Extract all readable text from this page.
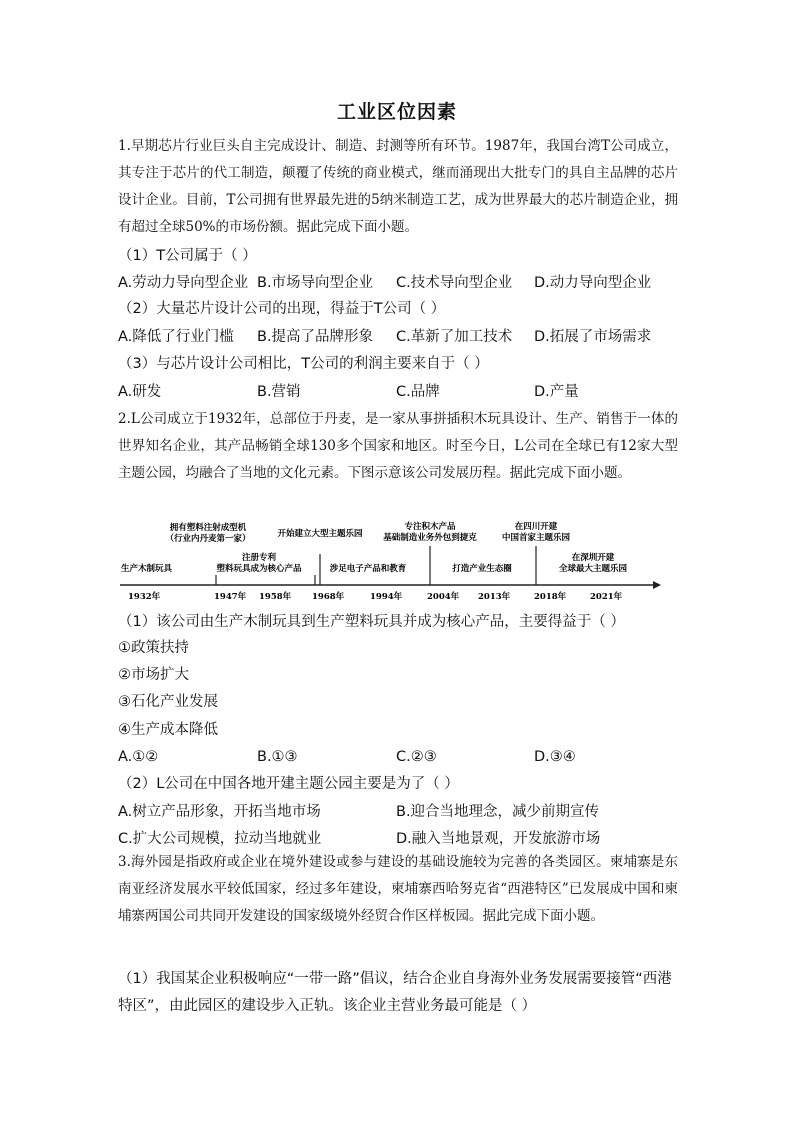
工业区位因素
1.早期芯片行业巨头自主完成设计、制造、封测等所有环节。1987年，我国台湾T公司成立，其专注于芯片的代工制造，颠覆了传统的商业模式，继而涌现出大批专门的具自主品牌的芯片设计企业。目前，T公司拥有世界最先进的5纳米制造工艺，成为世界最大的芯片制造企业，拥有超过全球50%的市场份额。据此完成下面小题。
（1）T公司属于（ ）
A.劳动力导向型企业 B.市场导向型企业 C.技术导向型企业 D.动力导向型企业
（2）大量芯片设计公司的出现，得益于T公司（ ）
A.降低了行业门槛 B.提高了品牌形象 C.革新了加工技术 D.拓展了市场需求
（3）与芯片设计公司相比，T公司的利润主要来自于（ ）
A.研发	B.营销	C.品牌	D.产量
2.L公司成立于1932年，总部位于丹麦，是一家从事拼插积木玩具设计、生产、销售于一体的世界知名企业，其产品畅销全球130多个国家和地区。时至今日，L公司在全球已有12家大型主题公园，均融合了当地的文化元素。下图示意该公司发展历程。据此完成下面小题。
拥有塑料注射成型机
（行业内丹麦第一家）	开始建立大型主题乐园
专注积木产品
基础制造业务外包到捷克
在四川开建
中国首家主题乐园
生产木制玩具
注册专利
塑料玩具成为核心产品	涉足电子产品和教育	打造产业生态圈
在深圳开建
全球最大主题乐园
1932年	1947年 1958年 1968年	1994年	2004年 2013年	2018年	2021年
（1）该公司由生产木制玩具到生产塑料玩具并成为核心产品，主要得益于（ ）
①政策扶持
②市场扩大
③石化产业发展
④生产成本降低
A.①②	B.①③	C.②③	D.③④
（2）L公司在中国各地开建主题公园主要是为了（ ）
A.树立产品形象，开拓当地市场	B.迎合当地理念，减少前期宣传
C.扩大公司规模，拉动当地就业	D.融入当地景观，开发旅游市场
3.海外园是指政府或企业在境外建设或参与建设的基础设施较为完善的各类园区。柬埔寨是东南亚经济发展水平较低国家，经过多年建设，柬埔寨西哈努克省“西港特区”已发展成中国和柬埔寨两国公司共同开发建设的国家级境外经贸合作区样板园。据此完成下面小题。
（1）我国某企业积极响应“一带一路”倡议，结合企业自身海外业务发展需要接管“西港特区”，由此园区的建设步入正轨。该企业主营业务最可能是（ ）
